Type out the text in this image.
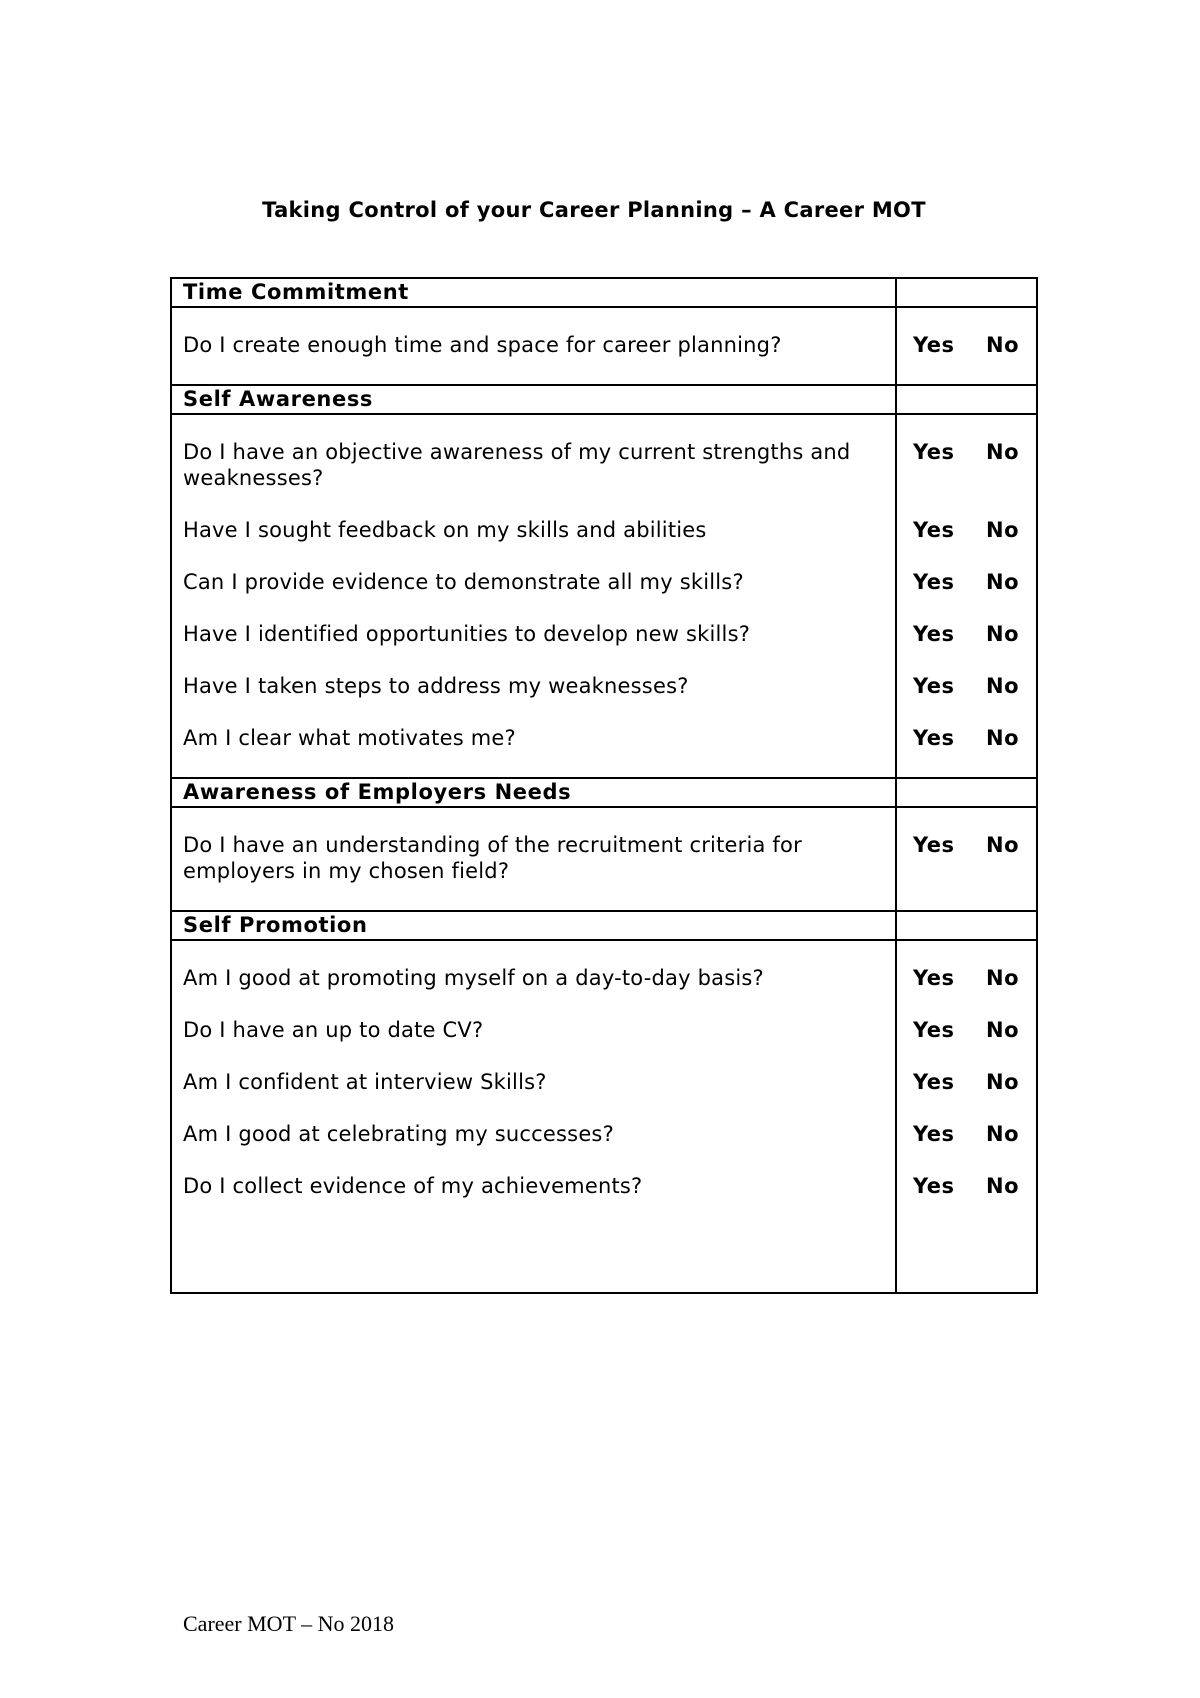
Taking Control of your Career Planning – A Career MOT
Time Commitment
Do I create enough time and space for career planning?	Yes No
Self Awareness
Do I have an objective awareness of my current strengths and weaknesses?
Yes No
Have I sought feedback on my skills and abilities	Yes No
Can I provide evidence to demonstrate all my skills?	Yes No
Have I identified opportunities to develop new skills?	Yes No
Have I taken steps to address my weaknesses?	Yes No
Am I clear what motivates me?	Yes No
Awareness of Employers Needs
Do I have an understanding of the recruitment criteria for employers in my chosen field?
Yes No
Self Promotion
Am I good at promoting myself on a day-to-day basis?	Yes No
Do I have an up to date CV?	Yes No
Am I confident at interview Skills?	Yes No
Am I good at celebrating my successes?	Yes No
Do I collect evidence of my achievements?	Yes No
Career MOT – No 2018
